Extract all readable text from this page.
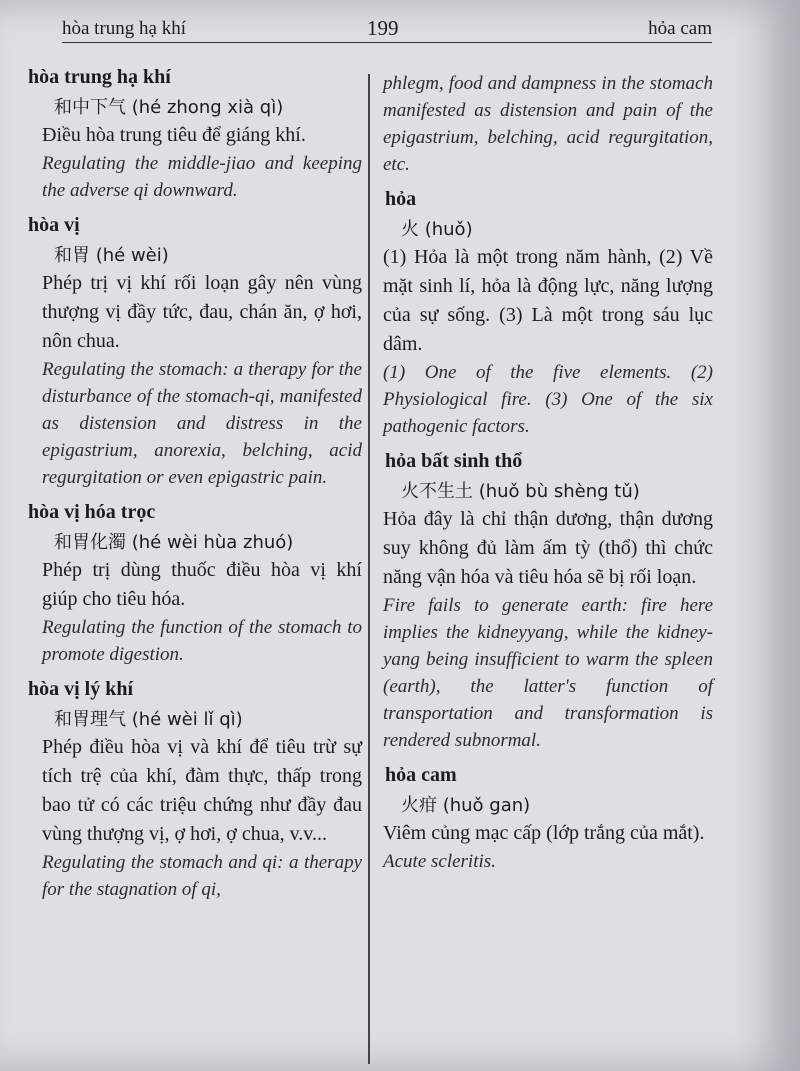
hòa trung hạ khí	199	hỏa cam
hòa trung hạ khí
和中下气 (hé zhong xià qì)

Điều hòa trung tiêu để giáng khí.

Regulating the middle-jiao and keeping the adverse qi downward.

hòa vị
和胃 (hé wèi)

Phép trị vị khí rối loạn gây nên vùng thượng vị đầy tức, đau, chán ăn, ợ hơi, nôn chua.

Regulating the stomach: a therapy for the disturbance of the stomach-qi, manifested as distension and distress in the epigastrium, anorexia, belching, acid regurgitation or even epigastric pain.

hòa vị hóa trọc
和胃化濁 (hé wèi hùa zhuó)

Phép trị dùng thuốc điều hòa vị khí giúp cho tiêu hóa.

Regulating the function of the stomach to promote digestion.

hòa vị lý khí
和胃理气 (hé wèi lǐ qì)

Phép điều hòa vị và khí để tiêu trừ sự tích trệ của khí, đàm thực, thấp trong bao tử có các triệu chứng như đầy đau vùng thượng vị, ợ hơi, ợ chua, v.v...

Regulating the stomach and qi: a therapy for the stagnation of qi,

phlegm, food and dampness in the stomach manifested as distension and pain of the epigastrium, belching, acid regurgitation, etc.

hỏa
火 (huǒ)

(1) Hỏa là một trong năm hành, (2) Về mặt sinh lí, hỏa là động lực, năng lượng của sự sống. (3) Là một trong sáu lục dâm.

(1) One of the five elements. (2) Physiological fire. (3) One of the six pathogenic factors.

hỏa bất sinh thổ
火不生土 (huǒ bù shèng tǔ)

Hỏa đây là chỉ thận dương, thận dương suy không đủ làm ấm tỳ (thổ) thì chức năng vận hóa và tiêu hóa sẽ bị rối loạn.

Fire fails to generate earth: fire here implies the kidneyyang, while the kidney-yang being insufficient to warm the spleen (earth), the latter's function of transportation and transformation is rendered subnormal.

hỏa cam
火疳 (huǒ gan)

Viêm củng mạc cấp (lớp trắng của mắt).

Acute scleritis.
